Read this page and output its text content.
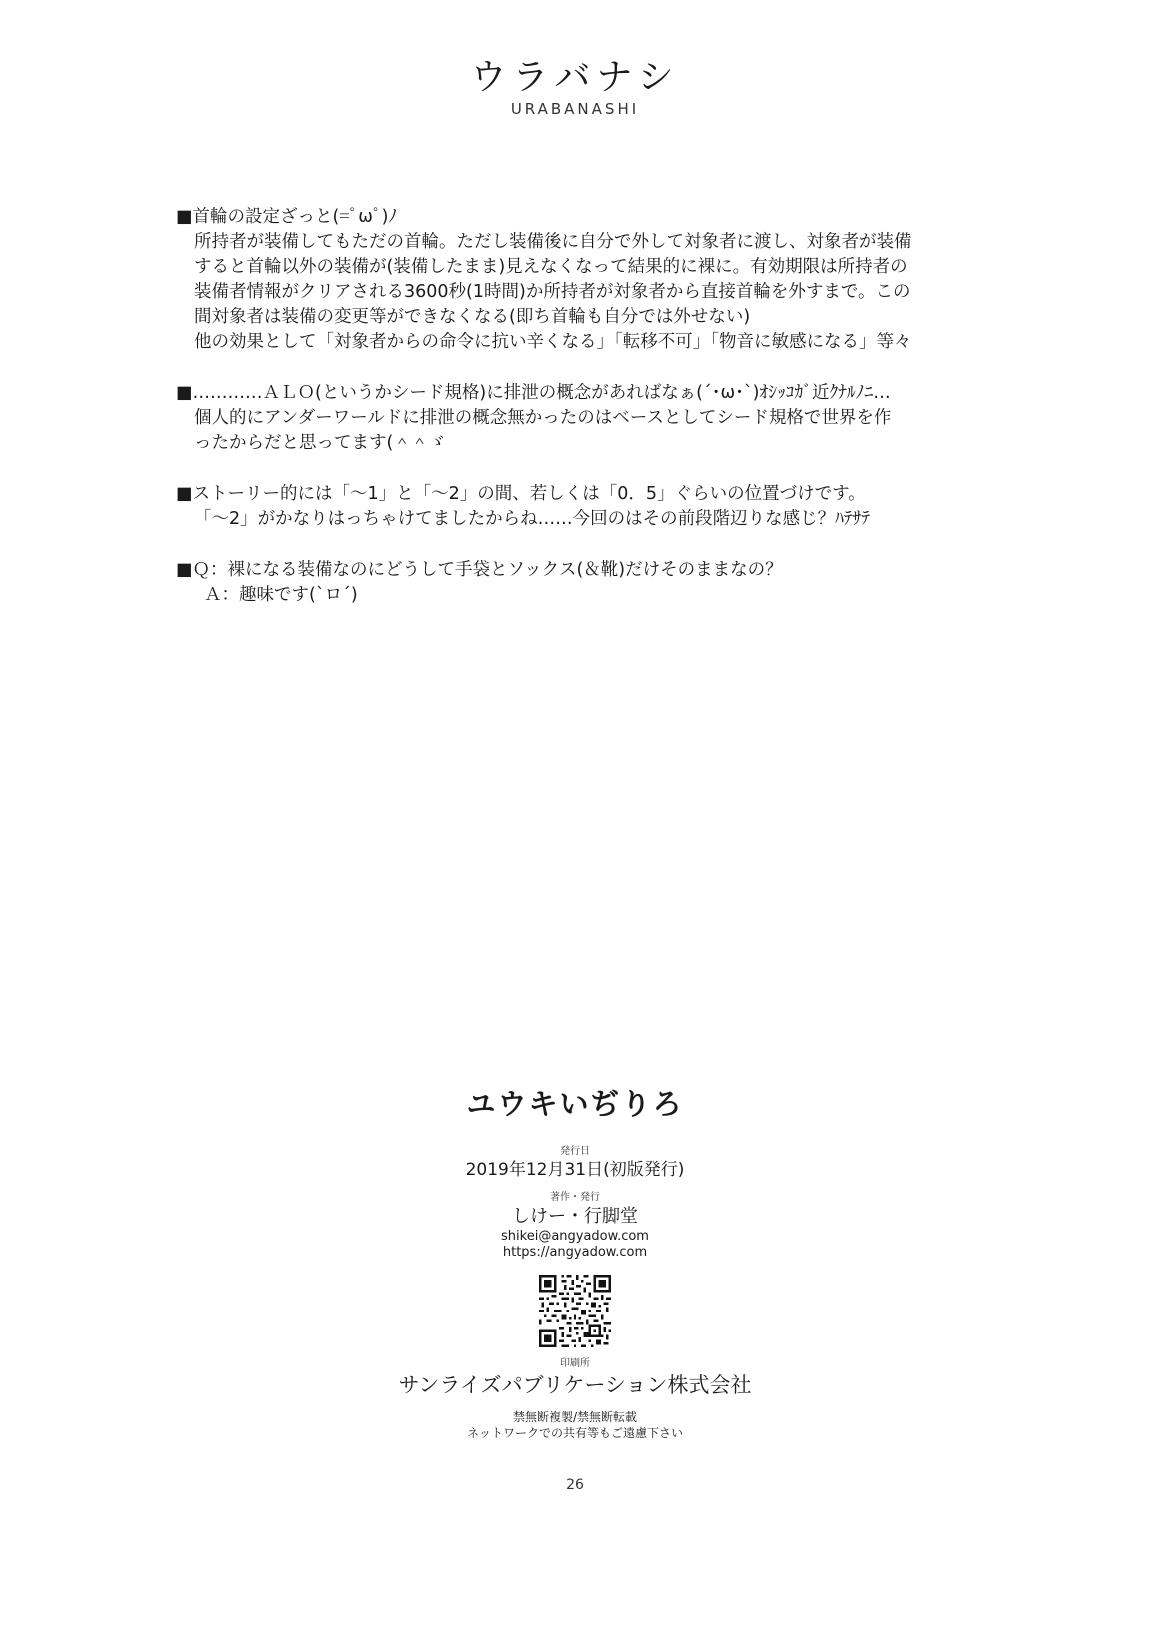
ウラバナシ
URABANASHI
■首輪の設定ざっと(=ﾟωﾟ)ﾉ
所持者が装備してもただの首輪。ただし装備後に自分で外して対象者に渡し、対象者が装備
すると首輪以外の装備が(装備したまま)見えなくなって結果的に裸に。有効期限は所持者の
装備者情報がクリアされる3600秒(1時間)か所持者が対象者から直接首輪を外すまで。この
間対象者は装備の変更等ができなくなる(即ち首輪も自分では外せない)
他の効果として「対象者からの命令に抗い辛くなる」「転移不可」「物音に敏感になる」等々
■…………ＡＬＯ(というかシード規格)に排泄の概念があればなぁ(´･ω･`)ｵｼｯｺｶﾞ近ｸﾅﾙﾉﾆ…
個人的にアンダーワールドに排泄の概念無かったのはベースとしてシード規格で世界を作
ったからだと思ってます(＾＾ゞ
■ストーリー的には「～1」と「～2」の間、若しくは「0．5」ぐらいの位置づけです。
「～2」がかなりはっちゃけてましたからね……今回のはその前段階辺りな感じ？ﾊﾃｻﾃ
■Ｑ：裸になる装備なのにどうして手袋とソックス(＆靴)だけそのままなの？
Ａ：趣味です(`ロ´)
ユウキいぢりろ
発行日
2019年12月31日(初版発行)
著作・発行
しけー・行脚堂
shikei@angyadow.com
https://angyadow.com
印刷所
サンライズパブリケーション株式会社
禁無断複製/禁無断転載
ネットワークでの共有等もご遠慮下さい
26
